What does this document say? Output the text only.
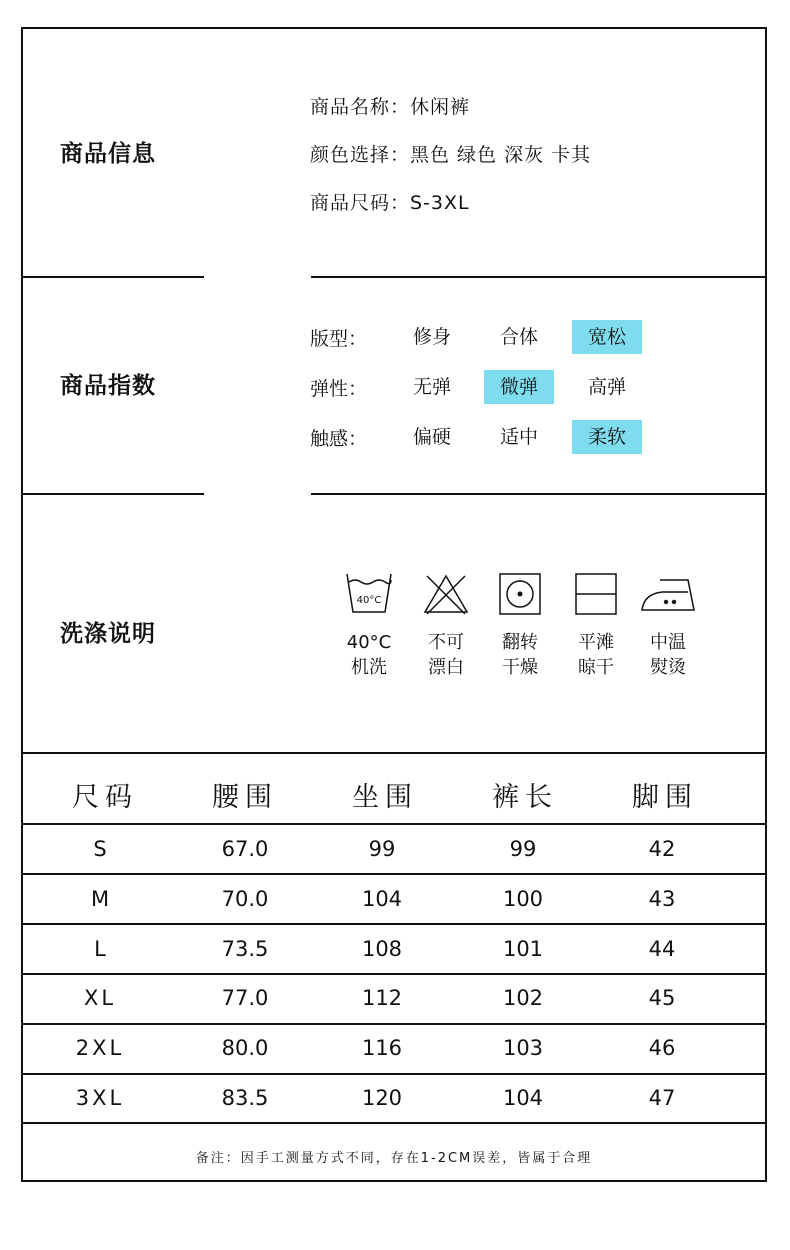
商品信息
商品名称：休闲裤
颜色选择：黑色 绿色 深灰 卡其
商品尺码：S-3XL
商品指数
版型：	修身	合体	宽松
弹性：	无弹	微弹	高弹
触感：	偏硬	适中	柔软
洗涤说明
40°C
40°C
机洗
不可
漂白
翻转
干燥
平滩
晾干
中温
熨烫
尺码	腰围	坐围	裤长	脚围
S	67.0	99	99	42
M	70.0	104	100	43
L	73.5	108	101	44
XL	77.0	112	102	45
2XL	80.0	116	103	46
3XL	83.5	120	104	47
备注：因手工测量方式不同，存在1-2CM误差，皆属于合理
